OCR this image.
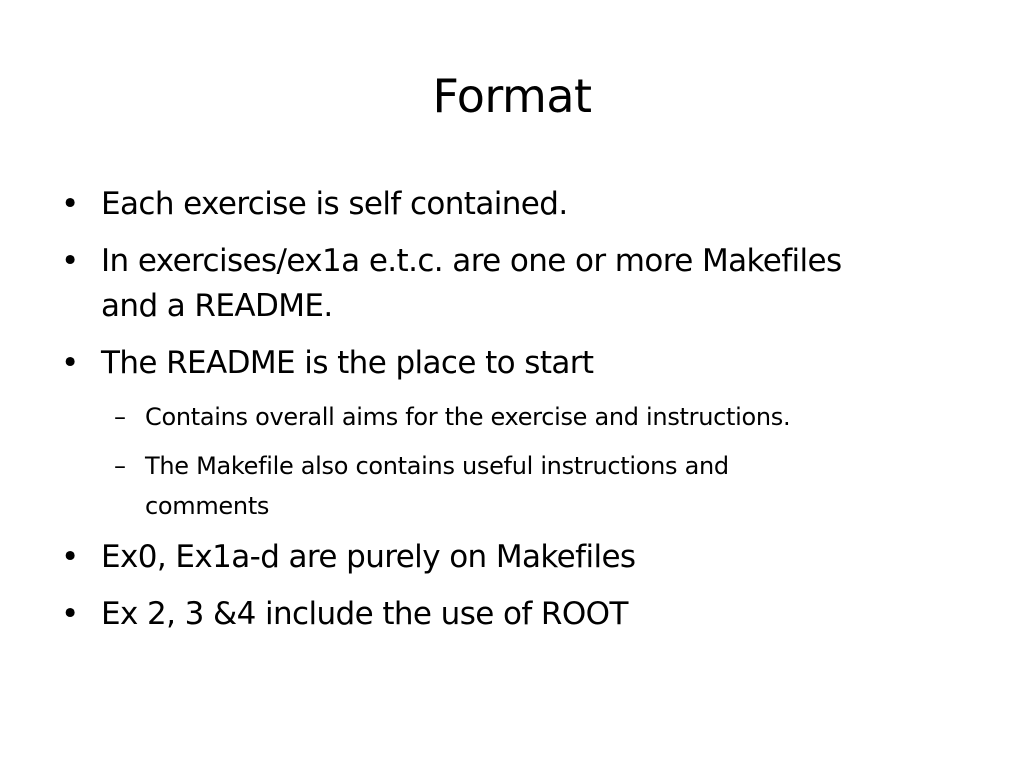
Format
• Each exercise is self contained.
• In exercises/ex1a e.t.c. are one or more Makefiles
and a README.
• The README is the place to start
– Contains overall aims for the exercise and instructions.
– The Makefile also contains useful instructions and
comments
• Ex0, Ex1a-d are purely on Makefiles
• Ex 2, 3 &4 include the use of ROOT
